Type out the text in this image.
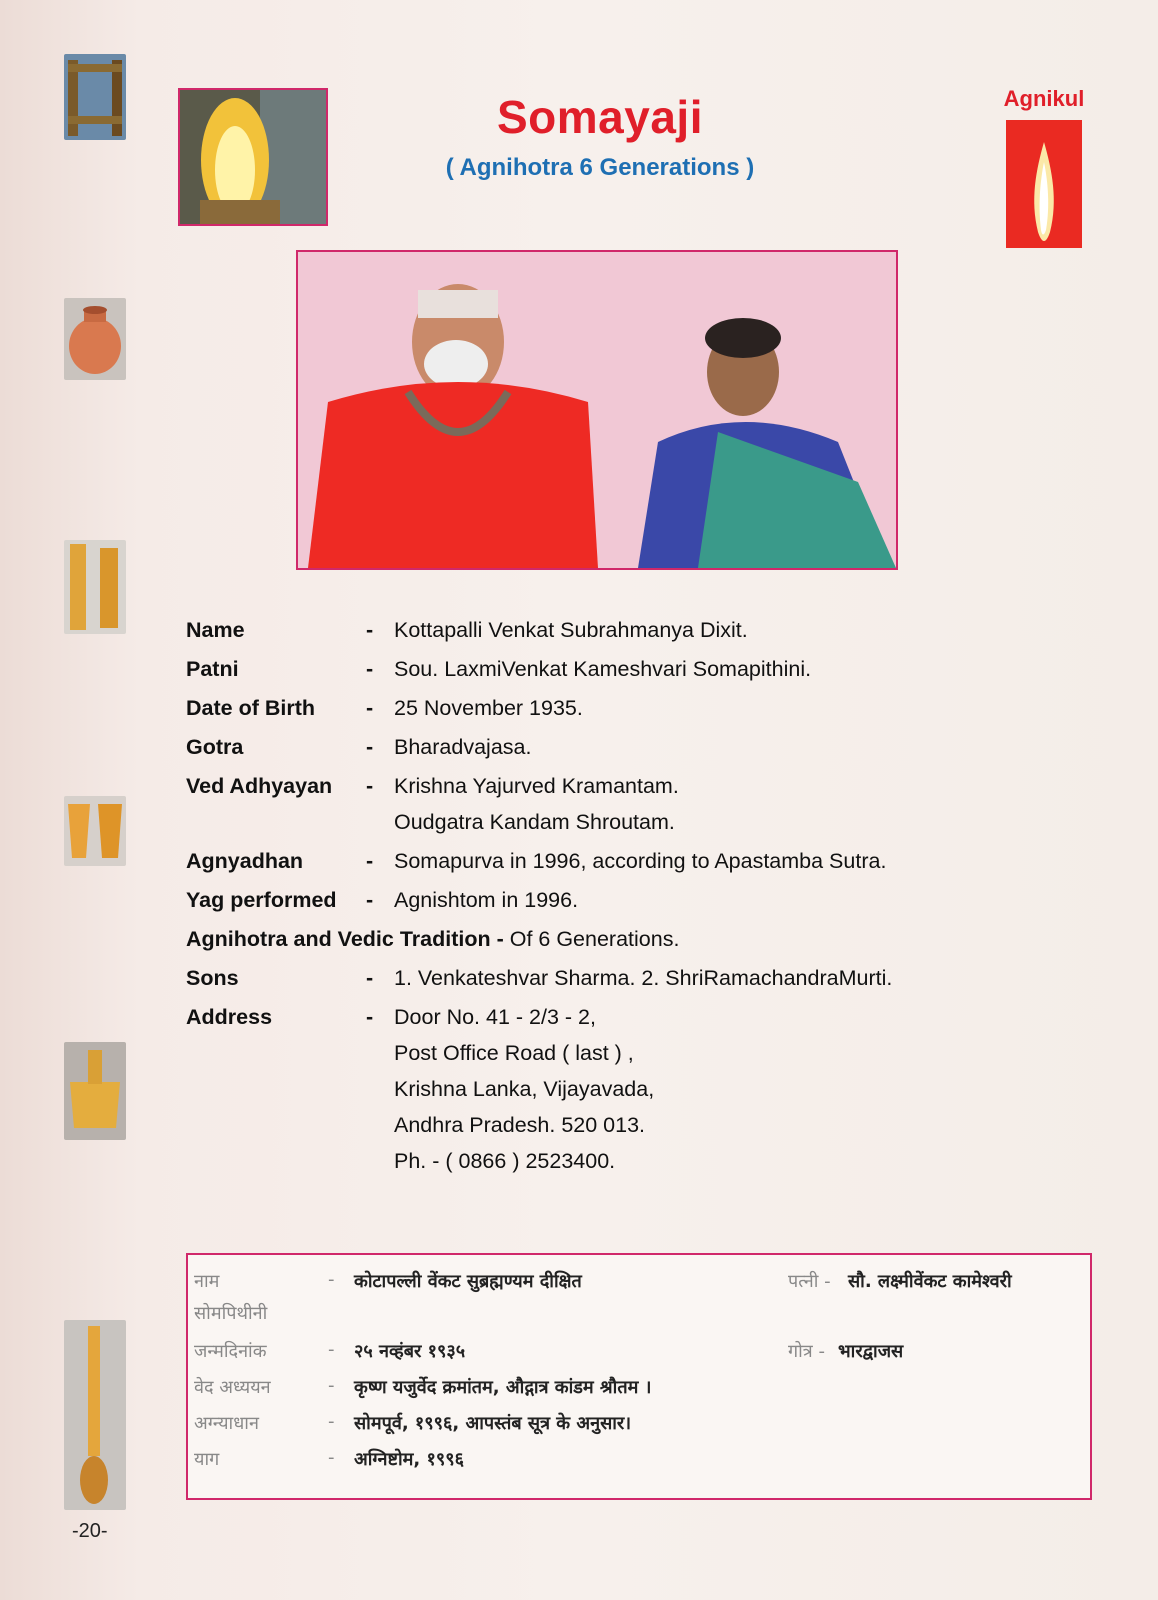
Somayaji
( Agnihotra 6 Generations )
Agnikul
Name	- Kottapalli Venkat Subrahmanya Dixit.
Patni	- Sou. LaxmiVenkat Kameshvari Somapithini.
Date of Birth - 25 November 1935.
Gotra	- Bharadvajasa.
Ved Adhyayan - Krishna Yajurved Kramantam.
Oudgatra Kandam Shroutam.
Agnyadhan	- Somapurva in 1996, according to Apastamba Sutra.
Yag performed - Agnishtom in 1996.
Agnihotra and Vedic Tradition - Of 6 Generations.
Sons	- 1. Venkateshvar Sharma. 2. ShriRamachandraMurti.
Address	- Door No. 41 - 2/3 - 2,
Post Office Road ( last ) ,
Krishna Lanka, Vijayavada,
Andhra Pradesh. 520 013.
Ph. - ( 0866 ) 2523400.
नाम	- कोटापल्ली वेंकट सुब्रह्मण्यम दीक्षित	पत्नी - सौ. लक्ष्मीवेंकट कामेश्वरी
सोमपिथीनी
जन्मदिनांक	- २५ नव्हंबर १९३५	गोत्र - भारद्वाजस
वेद अध्ययन	- कृष्ण यजुर्वेद क्रमांतम, औद्गात्र कांडम श्रौतम ।
अग्न्याधान	- सोमपूर्व, १९९६, आपस्तंब सूत्र के अनुसार।
याग	- अग्निष्टोम, १९९६
-20-
